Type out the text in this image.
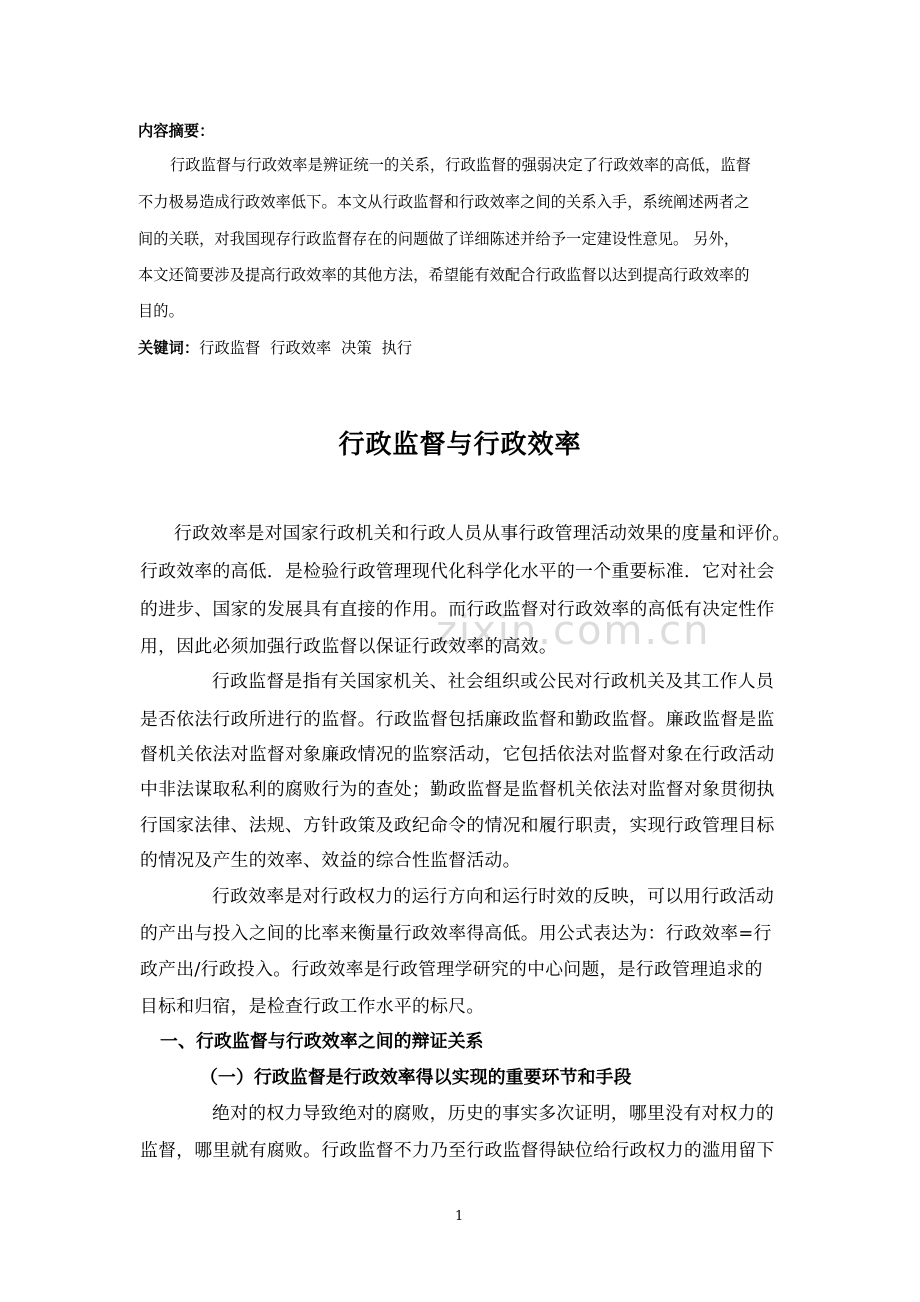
zixin.com.cn
内容摘要：
行政监督与行政效率是辨证统一的关系，行政监督的强弱决定了行政效率的高低，监督
不力极易造成行政效率低下。本文从行政监督和行政效率之间的关系入手，系统阐述两者之
间的关联，对我国现存行政监督存在的问题做了详细陈述并给予一定建设性意见。 另外，
本文还简要涉及提高行政效率的其他方法，希望能有效配合行政监督以达到提高行政效率的
目的。
关键词：行政监督  行政效率  决策  执行
行政监督与行政效率
行政效率是对国家行政机关和行政人员从事行政管理活动效果的度量和评价。
行政效率的高低．是检验行政管理现代化科学化水平的一个重要标准．它对社会
的进步、国家的发展具有直接的作用。而行政监督对行政效率的高低有决定性作
用，因此必须加强行政监督以保证行政效率的高效。
行政监督是指有关国家机关、社会组织或公民对行政机关及其工作人员
是否依法行政所进行的监督。行政监督包括廉政监督和勤政监督。廉政监督是监
督机关依法对监督对象廉政情况的监察活动，它包括依法对监督对象在行政活动
中非法谋取私利的腐败行为的查处；勤政监督是监督机关依法对监督对象贯彻执
行国家法律、法规、方针政策及政纪命令的情况和履行职责，实现行政管理目标
的情况及产生的效率、效益的综合性监督活动。
行政效率是对行政权力的运行方向和运行时效的反映，可以用行政活动
的产出与投入之间的比率来衡量行政效率得高低。用公式表达为：行政效率=行
政产出/行政投入。行政效率是行政管理学研究的中心问题，是行政管理追求的
目标和归宿，是检查行政工作水平的标尺。
一、行政监督与行政效率之间的辩证关系
（一）行政监督是行政效率得以实现的重要环节和手段
绝对的权力导致绝对的腐败，历史的事实多次证明，哪里没有对权力的
监督，哪里就有腐败。行政监督不力乃至行政监督得缺位给行政权力的滥用留下
1
